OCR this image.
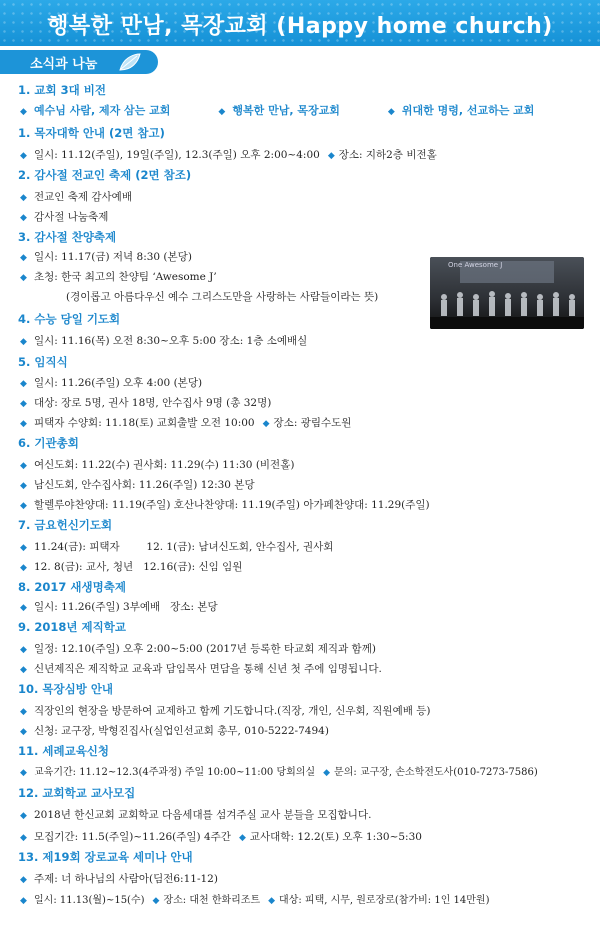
행복한 만남, 목장교회 (Happy home church)
소식과 나눔
One Awesome J
1. 교회 3대 비전
◆ 예수님 사람, 제자 삼는 교회	◆ 행복한 만남, 목장교회	◆ 위대한 명령, 선교하는 교회
1. 목자대학 안내 (2면 참고)
◆ 일시: 11.12(주일), 19일(주일), 12.3(주일) 오후 2:00~4:00 ◆ 장소: 지하2층 비전홀
2. 감사절 전교인 축제 (2면 참조)
◆ 전교인 축제 감사예배
◆ 감사절 나눔축제
3. 감사절 찬양축제
◆ 일시: 11.17(금) 저녁 8:30 (본당)
◆ 초청: 한국 최고의 찬양팀 ‘Awesome J’
(경이롭고 아름다우신 예수 그리스도만을 사랑하는 사람들이라는 뜻)
4. 수능 당일 기도회
◆ 일시: 11.16(목) 오전 8:30~오후 5:00 장소: 1층 소예배실
5. 임직식
◆ 일시: 11.26(주일) 오후 4:00 (본당)
◆ 대상: 장로 5명, 권사 18명, 안수집사 9명 (총 32명)
◆ 피택자 수양회: 11.18(토) 교회출발 오전 10:00 ◆ 장소: 광림수도원
6. 기관총회
◆ 여신도회: 11.22(수) 권사회: 11.29(수) 11:30 (비전홀)
◆ 남신도회, 안수집사회: 11.26(주일) 12:30 본당
◆ 할렐루야찬양대: 11.19(주일) 호산나찬양대: 11.19(주일) 아가페찬양대: 11.29(주일)
7. 금요헌신기도회
◆ 11.24(금): 피택자        12. 1(금): 남녀신도회, 안수집사, 권사회
◆ 12. 8(금): 교사, 청년   12.16(금): 신임 임원
8. 2017 새생명축제
◆ 일시: 11.26(주일) 3부예배   장소: 본당
9. 2018년 제직학교
◆ 일정: 12.10(주일) 오후 2:00~5:00 (2017년 등록한 타교회 제직과 함께)
◆ 신년제직은 제직학교 교육과 담임목사 면담을 통해 신년 첫 주에 임명됩니다.
10. 목장심방 안내
◆ 직장인의 현장을 방문하여 교제하고 함께 기도합니다.(직장, 개인, 신우회, 직원예배 등)
◆ 신청: 교구장, 박형진집사(실업인선교회 총무, 010-5222-7494)
11. 세례교육신청
◆ 교육기간: 11.12~12.3(4주과정) 주일 10:00~11:00 당회의실 ◆ 문의: 교구장, 손소학전도사(010-7273-7586)
12. 교회학교 교사모집
◆ 2018년 한신교회 교회학교 다음세대를 섬겨주실 교사 분들을 모집합니다.
◆ 모집기간: 11.5(주일)~11.26(주일) 4주간 ◆ 교사대학: 12.2(토) 오후 1:30~5:30
13. 제19회 장로교육 세미나 안내
◆ 주제: 너 하나님의 사람아(딤전6:11-12)
◆ 일시: 11.13(월)~15(수) ◆ 장소: 대천 한화리조트 ◆ 대상: 피택, 시무, 원로장로(참가비: 1인 14만원)
